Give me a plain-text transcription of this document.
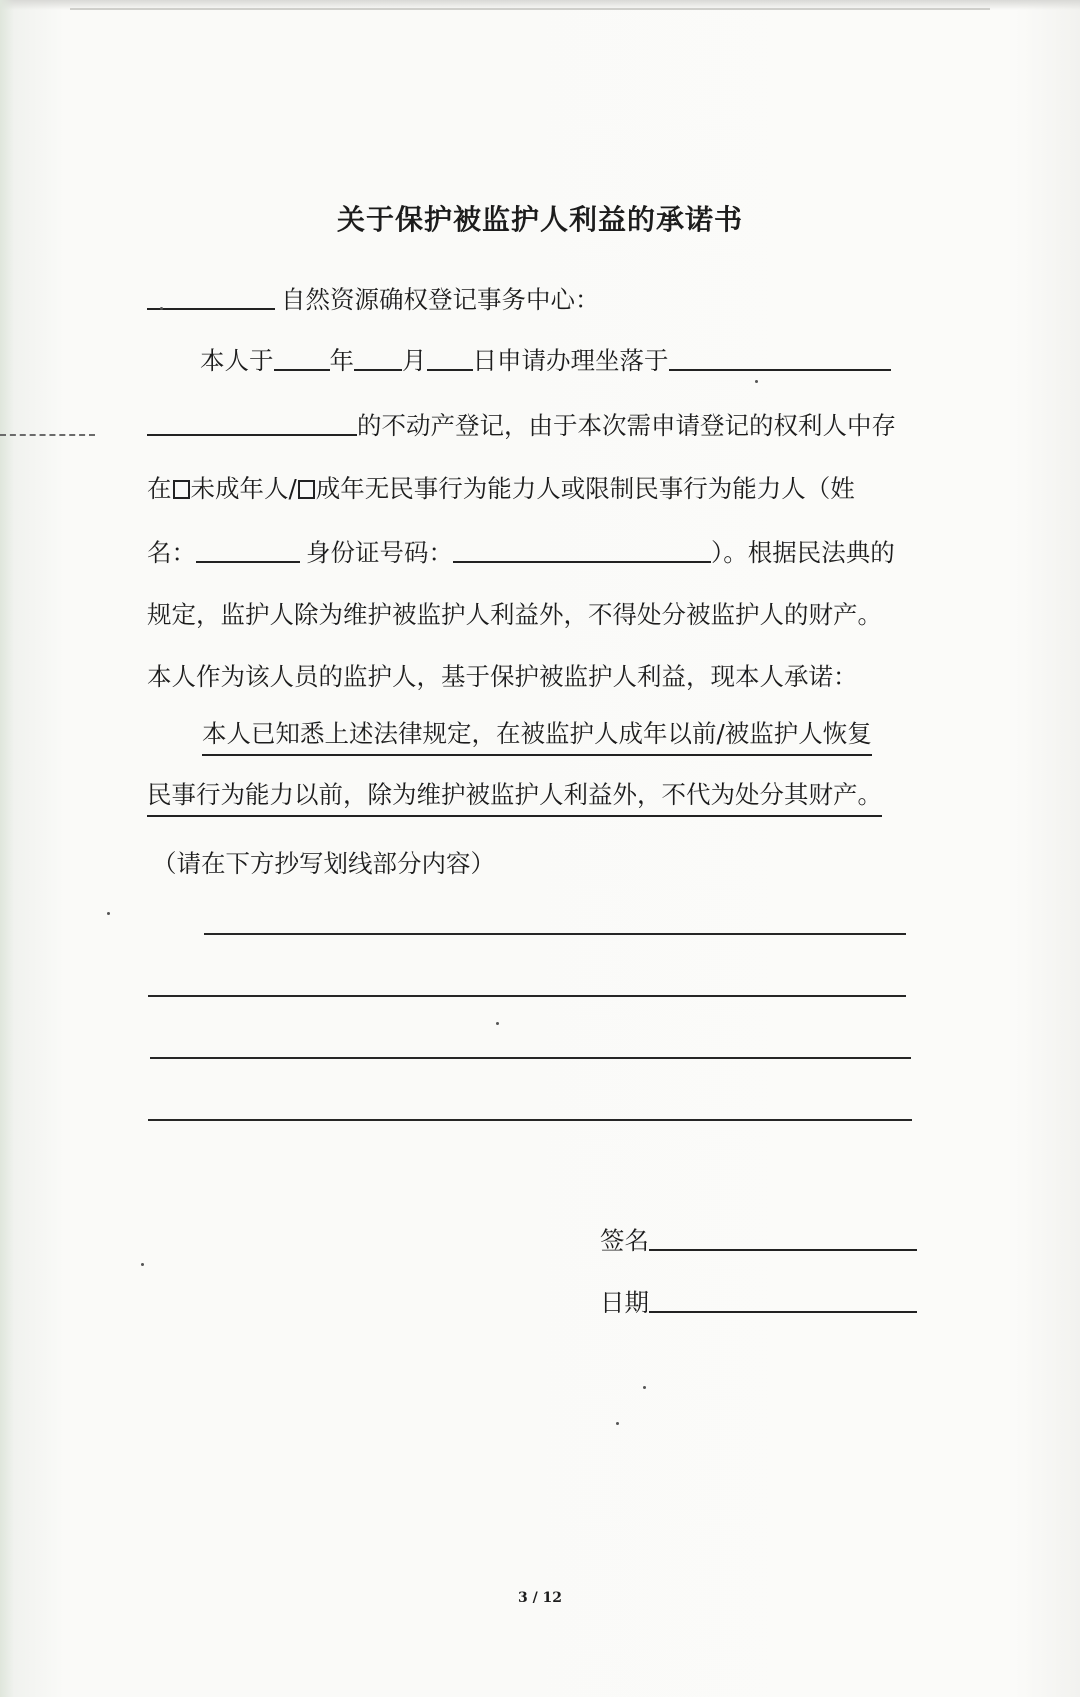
关于保护被监护人利益的承诺书
自然资源确权登记事务中心：
本人于 年 月 日申请办理坐落于
的不动产登记，由于本次需申请登记的权利人中存
在 未成年人/ 成年无民事行为能力人或限制民事行为能力人（姓
名：	身份证号码：	）。根据民法典的
规定，监护人除为维护被监护人利益外，不得处分被监护人的财产。
本人作为该人员的监护人，基于保护被监护人利益，现本人承诺：
本人已知悉上述法律规定，在被监护人成年以前/被监护人恢复
民事行为能力以前，除为维护被监护人利益外，不代为处分其财产。
（请在下方抄写划线部分内容）
签名
日期
3 / 12
